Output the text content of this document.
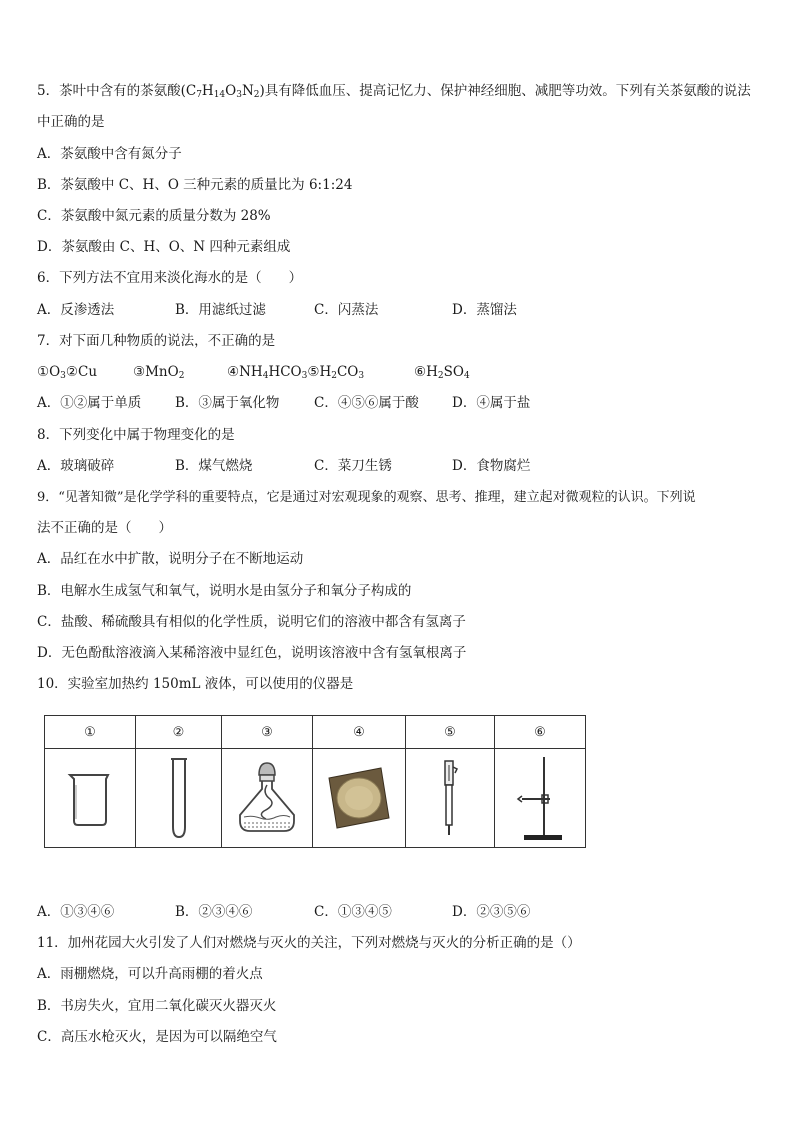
5．茶叶中含有的茶氨酸$(C_7H_{14}O_3N_2)$具有降低血压、提高记忆力、保护神经细胞、减肥等功效。下列有关茶氨酸的说法
中正确的是
A．茶氨酸中含有氮分子
B．茶氨酸中 C、H、O 三种元素的质量比为 6:1:24
C．茶氨酸中氮元素的质量分数为 28%
D．茶氨酸由 C、H、O、N 四种元素组成
6．下列方法不宜用来淡化海水的是（　　）
A．反渗透法	B．用滤纸过滤	C．闪蒸法	D．蒸馏法
7．对下面几种物质的说法，不正确的是
$①O_3②Cu$	③MnO$_2$	$④NH_4HCO_3⑤H_2CO_3$	$⑥H_2SO_4$
A．①②属于单质	B．③属于氧化物	C．④⑤⑥属于酸 D．④属于盐
8．下列变化中属于物理变化的是
A．玻璃破碎	B．煤气燃烧	C．菜刀生锈	D．食物腐烂
9．“见著知微”是化学学科的重要特点，它是通过对宏观现象的观察、思考、推理，建立起对微观粒的认识。下列说
法不正确的是（　　）
A．品红在水中扩散，说明分子在不断地运动
B．电解水生成氢气和氧气，说明水是由氢分子和氧分子构成的
C．盐酸、稀硫酸具有相似的化学性质，说明它们的溶液中都含有氢离子
D．无色酚酞溶液滴入某稀溶液中显红色，说明该溶液中含有氢氧根离子
10．实验室加热约 150mL 液体，可以使用的仪器是
①	②	③	④	⑤	⑥

A．①③④⑥	B．②③④⑥	C．①③④⑤	D．②③⑤⑥
11．加州花园大火引发了人们对燃烧与灭火的关注，下列对燃烧与灭火的分析正确的是（）
A．雨棚燃烧，可以升高雨棚的着火点
B．书房失火，宜用二氧化碳灭火器灭火
C．高压水枪灭火，是因为可以隔绝空气
